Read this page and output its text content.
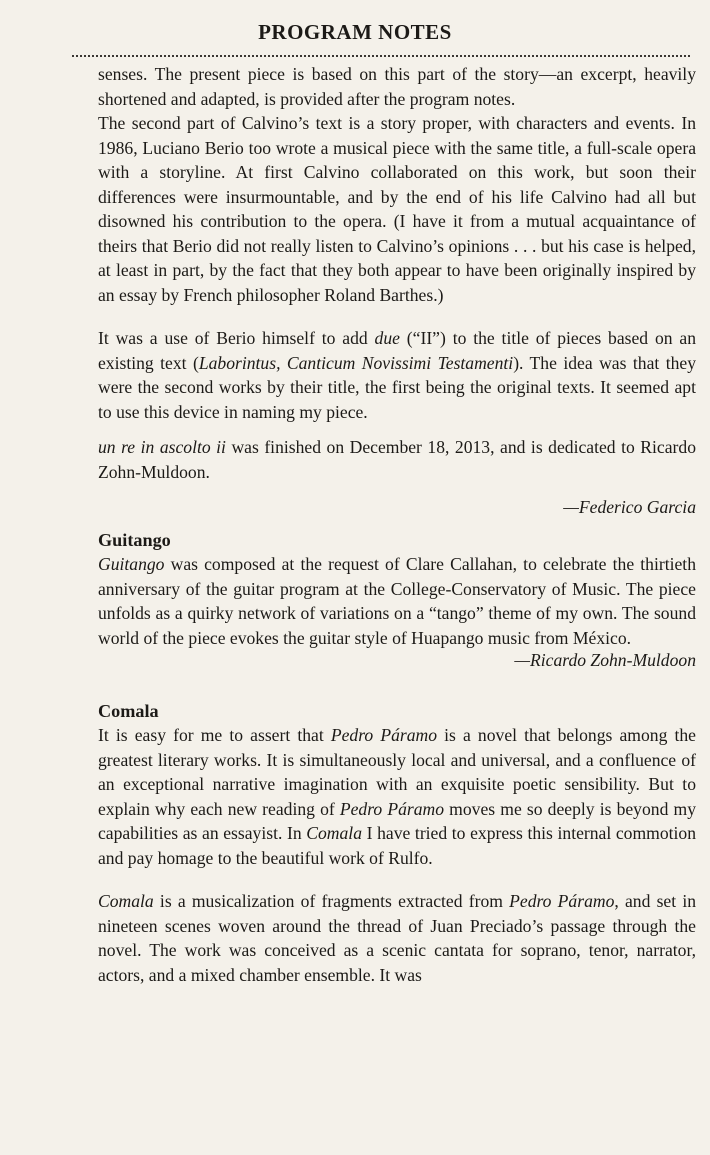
PROGRAM NOTES

senses. The present piece is based on this part of the story—an excerpt, heavily shortened and adapted, is provided after the program notes.

The second part of Calvino’s text is a story proper, with characters and events. In 1986, Luciano Berio too wrote a musical piece with the same title, a full-scale opera with a storyline. At first Calvino collaborated on this work, but soon their differences were insurmountable, and by the end of his life Calvino had all but disowned his contribution to the opera. (I have it from a mutual acquaintance of theirs that Berio did not really listen to Calvino’s opinions . . . but his case is helped, at least in part, by the fact that they both appear to have been originally inspired by an essay by French philosopher Roland Barthes.)

It was a use of Berio himself to add due (“II”) to the title of pieces based on an existing text (Laborintus, Canticum Novissimi Testamenti). The idea was that they were the second works by their title, the first being the original texts. It seemed apt to use this device in naming my piece.

un re in ascolto ii was finished on December 18, 2013, and is dedicated to Ricardo Zohn-Muldoon.

—Federico Garcia

Guitango

Guitango was composed at the request of Clare Callahan, to celebrate the thirtieth anniversary of the guitar program at the College-Conservatory of Music. The piece unfolds as a quirky network of variations on a “tango” theme of my own. The sound world of the piece evokes the guitar style of Huapango music from México.

—Ricardo Zohn-Muldoon

Comala

It is easy for me to assert that Pedro Páramo is a novel that belongs among the greatest literary works. It is simultaneously local and universal, and a confluence of an exceptional narrative imagination with an exquisite poetic sensibility. But to explain why each new reading of Pedro Páramo moves me so deeply is beyond my capabilities as an essayist. In Comala I have tried to express this internal commotion and pay homage to the beautiful work of Rulfo.

Comala is a musicalization of fragments extracted from Pedro Páramo, and set in nineteen scenes woven around the thread of Juan Preciado’s passage through the novel. The work was conceived as a scenic cantata for soprano, tenor, narrator, actors, and a mixed chamber ensemble. It was
